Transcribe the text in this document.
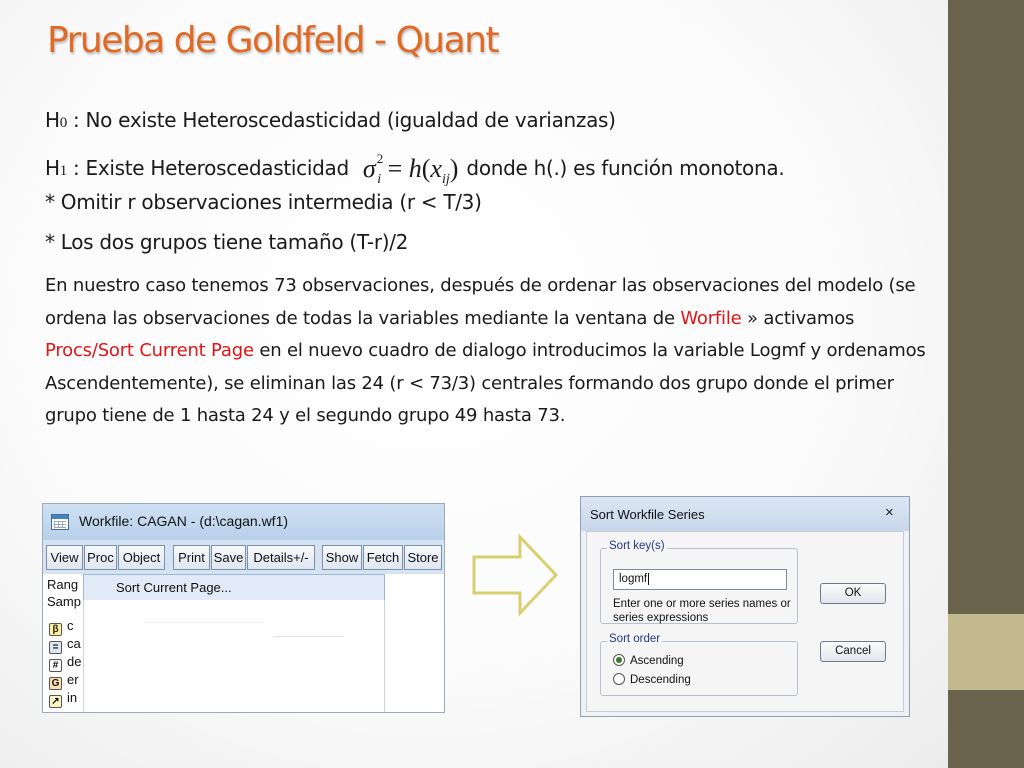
Prueba de Goldfeld - Quant
H0 : No existe Heteroscedasticidad (igualdad de varianzas)
H1 : Existe Heteroscedasticidad $\sigma^2_i = h(x_{ij})$ donde h(.) es función monotona.
* Omitir r observaciones intermedia (r < T/3)
* Los dos grupos tiene tamaño (T-r)/2
En nuestro caso tenemos 73 observaciones, después de ordenar las observaciones del modelo (se ordena las observaciones de todas la variables mediante la ventana de Worfile » activamos Procs/Sort Current Page en el nuevo cuadro de dialogo introducimos la variable Logmf y ordenamos Ascendentemente), se eliminan las 24 (r < 73/3) centrales formando dos grupo donde el primer grupo tiene de 1 hasta 24 y el segundo grupo 49 hasta 73.
Workfile: CAGAN - (d:\cagan.wf1)
View Proc Object	Print Save Details+/-	Show Fetch Store
Rang
Samp
β c
= ca
# de
G er
↗ in
Sort Current Page...
Sort Workfile Series	×
Sort key(s)
logmf
Enter one or more series names or series expressions
OK
Sort order
Ascending
Descending
Cancel
